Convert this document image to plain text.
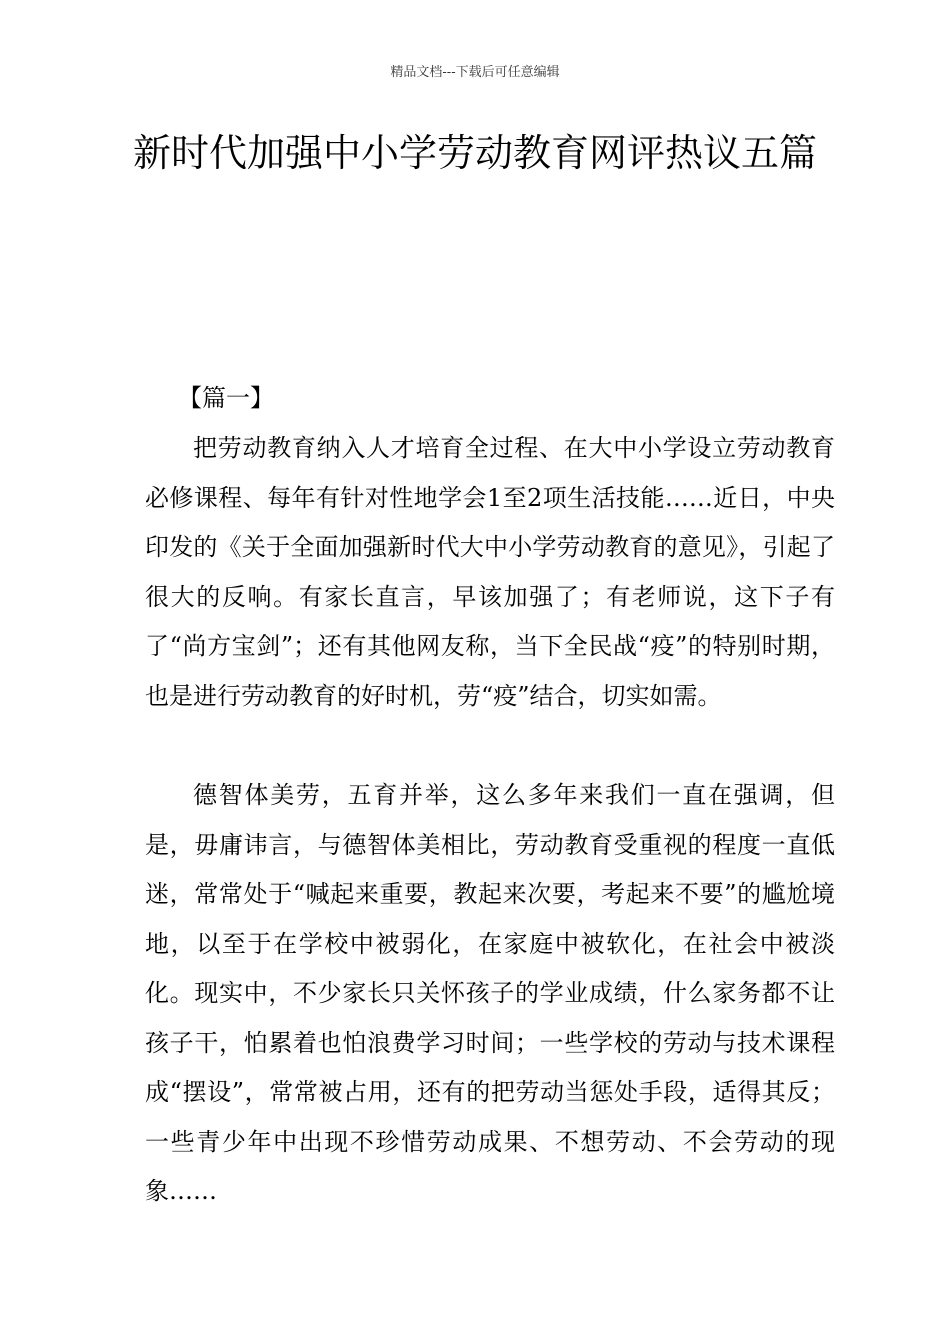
精品文档---下载后可任意编辑
新时代加强中小学劳动教育网评热议五篇
【篇一】

把劳动教育纳入人才培育全过程、在大中小学设立劳动教育必修课程、每年有针对性地学会1至2项生活技能……近日，中央印发的《关于全面加强新时代大中小学劳动教育的意见》，引起了很大的反响。有家长直言，早该加强了；有老师说，这下子有了“尚方宝剑”；还有其他网友称，当下全民战“疫”的特别时期，也是进行劳动教育的好时机，劳“疫”结合，切实如需。

德智体美劳，五育并举，这么多年来我们一直在强调，但是，毋庸讳言，与德智体美相比，劳动教育受重视的程度一直低迷，常常处于“喊起来重要，教起来次要，考起来不要”的尴尬境地，以至于在学校中被弱化，在家庭中被软化，在社会中被淡化。现实中，不少家长只关怀孩子的学业成绩，什么家务都不让孩子干，怕累着也怕浪费学习时间；一些学校的劳动与技术课程成“摆设”，常常被占用，还有的把劳动当惩处手段，适得其反；一些青少年中出现不珍惜劳动成果、不想劳动、不会劳动的现象……
